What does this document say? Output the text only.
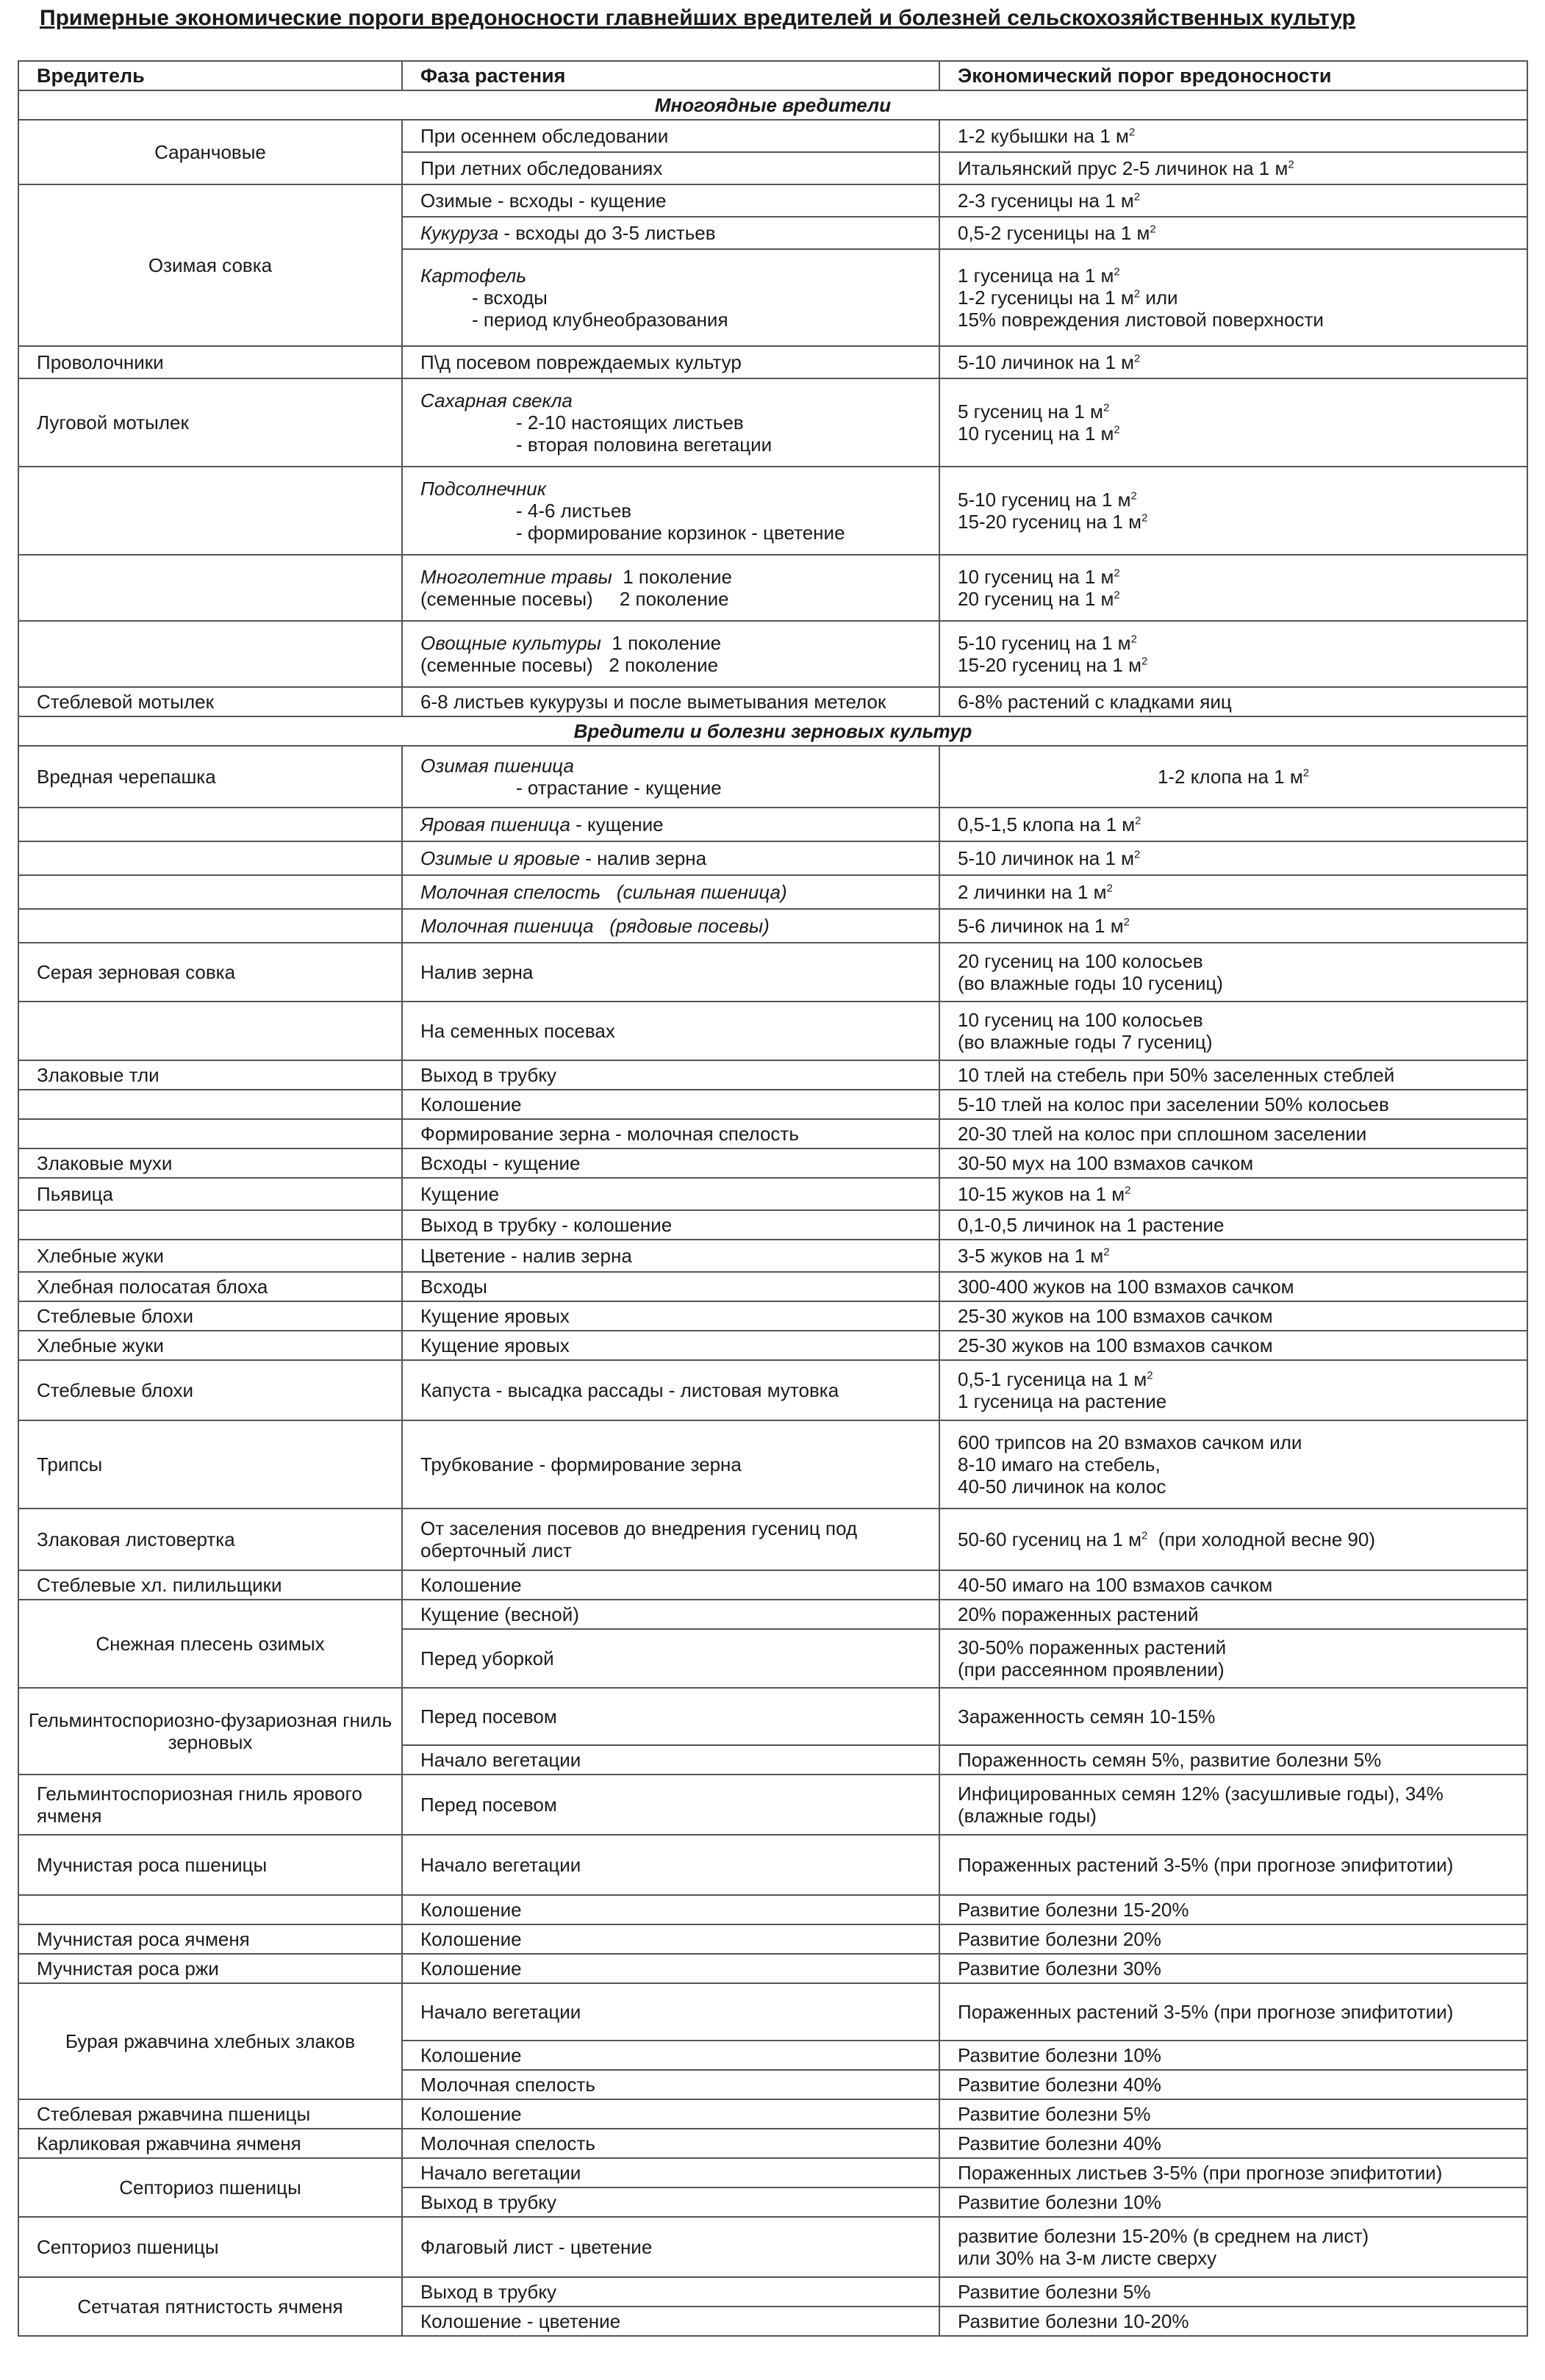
Примерные экономические пороги вредоносности главнейших вредителей и болезней сельскохозяйственных культур
Вредитель	Фаза растения	Экономический порог вредоносности
Многоядные вредители		
Саранчовые	При осеннем обследовании	1-2 кубышки на 1 $м^2$
	При летних обследованиях	Итальянский прус 2-5 личинок на 1 $м^2$
Озимая совка	Озимые - всходы - кущение	2-3 гусеницы на 1 $м^2$
	Кукуруза - всходы до 3-5 листьев	0,5-2 гусеницы на 1 $м^2$
	Картофель
- всходы
- период клубнеобразования	1 гусеница на 1 $м^2$
1-2 гусеницы на 1 $м^2$ или
15% повреждения листовой поверхности

Проволочники	П\д посевом повреждаемых культур	5-10 личинок на 1 $м^2$
Луговой мотылек	Сахарная свекла
- 2-10 настоящих листьев
- вторая половина вегетации	5 гусениц на 1 $м^2$
10 гусениц на 1 $м^2$

	Подсолнечник
- 4-6 листьев
- формирование корзинок - цветение	5-10 гусениц на 1 $м^2$
15-20 гусениц на 1 $м^2$

	Многолетние травы  1 поколение
(семенные посевы)     2 поколение	10 гусениц на 1 $м^2$
20 гусениц на 1 $м^2$

	Овощные культуры  1 поколение
(семенные посевы)   2 поколение	5-10 гусениц на 1 $м^2$
15-20 гусениц на 1 $м^2$

Стеблевой мотылек	6-8 листьев кукурузы и после выметывания метелок	6-8% растений с кладками яиц
Вредители и болезни зерновых культур		
Вредная черепашка	Озимая пшеница
- отрастание - кущение	1-2 клопа на 1 $м^2$
	Яровая пшеница - кущение	0,5-1,5 клопа на 1 $м^2$
	Озимые и яровые - налив зерна	5-10 личинок на 1 $м^2$
	Молочная спелость   (сильная пшеница)	2 личинки на 1 $м^2$
	Молочная пшеница   (рядовые посевы)	5-6 личинок на 1 $м^2$
Серая зерновая совка	Налив зерна	20 гусениц на 100 колосьев
(во влажные годы 10 гусениц)

	На семенных посевах	10 гусениц на 100 колосьев
(во влажные годы 7 гусениц)

Злаковые тли	Выход в трубку	10 тлей на стебель при 50% заселенных стеблей
	Колошение	5-10 тлей на колос при заселении 50% колосьев
	Формирование зерна - молочная спелость	20-30 тлей на колос при сплошном заселении
Злаковые мухи	Всходы - кущение	30-50 мух на 100 взмахов сачком
Пьявица	Кущение	10-15 жуков на 1 $м^2$
	Выход в трубку - колошение	0,1-0,5 личинок на 1 растение
Хлебные жуки	Цветение - налив зерна	3-5 жуков на 1 $м^2$
Хлебная полосатая блоха	Всходы	300-400 жуков на 100 взмахов сачком
Стеблевые блохи	Кущение яровых	25-30 жуков на 100 взмахов сачком
Хлебные жуки	Кущение яровых	25-30 жуков на 100 взмахов сачком
Стеблевые блохи	Капуста - высадка рассады - листовая мутовка	0,5-1 гусеница на 1 $м^2$
1 гусеница на растение

Трипсы	Трубкование - формирование зерна	600 трипсов на 20 взмахов сачком или
8-10 имаго на стебель,
40-50 личинок на колос

Злаковая листовертка	От заселения посевов до внедрения гусениц под
оберточный лист	50-60 гусениц на 1 $м^2$  (при холодной весне 90)
Стеблевые хл. пилильщики	Колошение	40-50 имаго на 100 взмахов сачком
Снежная плесень озимых	Кущение (весной)	20% пораженных растений
	Перед уборкой	30-50% пораженных растений
(при рассеянном проявлении)

Гельминтоспориозно-фузариозная гниль
зерновых	Перед посевом	Зараженность семян 10-15%
	Начало вегетации	Пораженность семян 5%, развитие болезни 5%

Гельминтоспориозная гниль ярового
ячменя	Перед посевом	Инфицированных семян 12% (засушливые годы), 34%
(влажные годы)

Мучнистая роса пшеницы	Начало вегетации	Пораженных растений 3-5% (при прогнозе эпифитотии)
	Колошение	Развитие болезни 15-20%
Мучнистая роса ячменя	Колошение	Развитие болезни 20%
Мучнистая роса ржи	Колошение	Развитие болезни 30%
Бурая ржавчина хлебных злаков	Начало вегетации	Пораженных растений 3-5% (при прогнозе эпифитотии)
	Колошение	Развитие болезни 10%
	Молочная спелость	Развитие болезни 40%
Стеблевая ржавчина пшеницы	Колошение	Развитие болезни 5%
Карликовая ржавчина ячменя	Молочная спелость	Развитие болезни 40%
Септориоз пшеницы	Начало вегетации	Пораженных листьев 3-5% (при прогнозе эпифитотии)
	Выход в трубку	Развитие болезни 10%
Септориоз пшеницы	Флаговый лист - цветение	развитие болезни 15-20% (в среднем на лист)
или 30% на 3-м листе сверху

Сетчатая пятнистость ячменя	Выход в трубку	Развитие болезни 5%
	Колошение - цветение	Развитие болезни 10-20%
